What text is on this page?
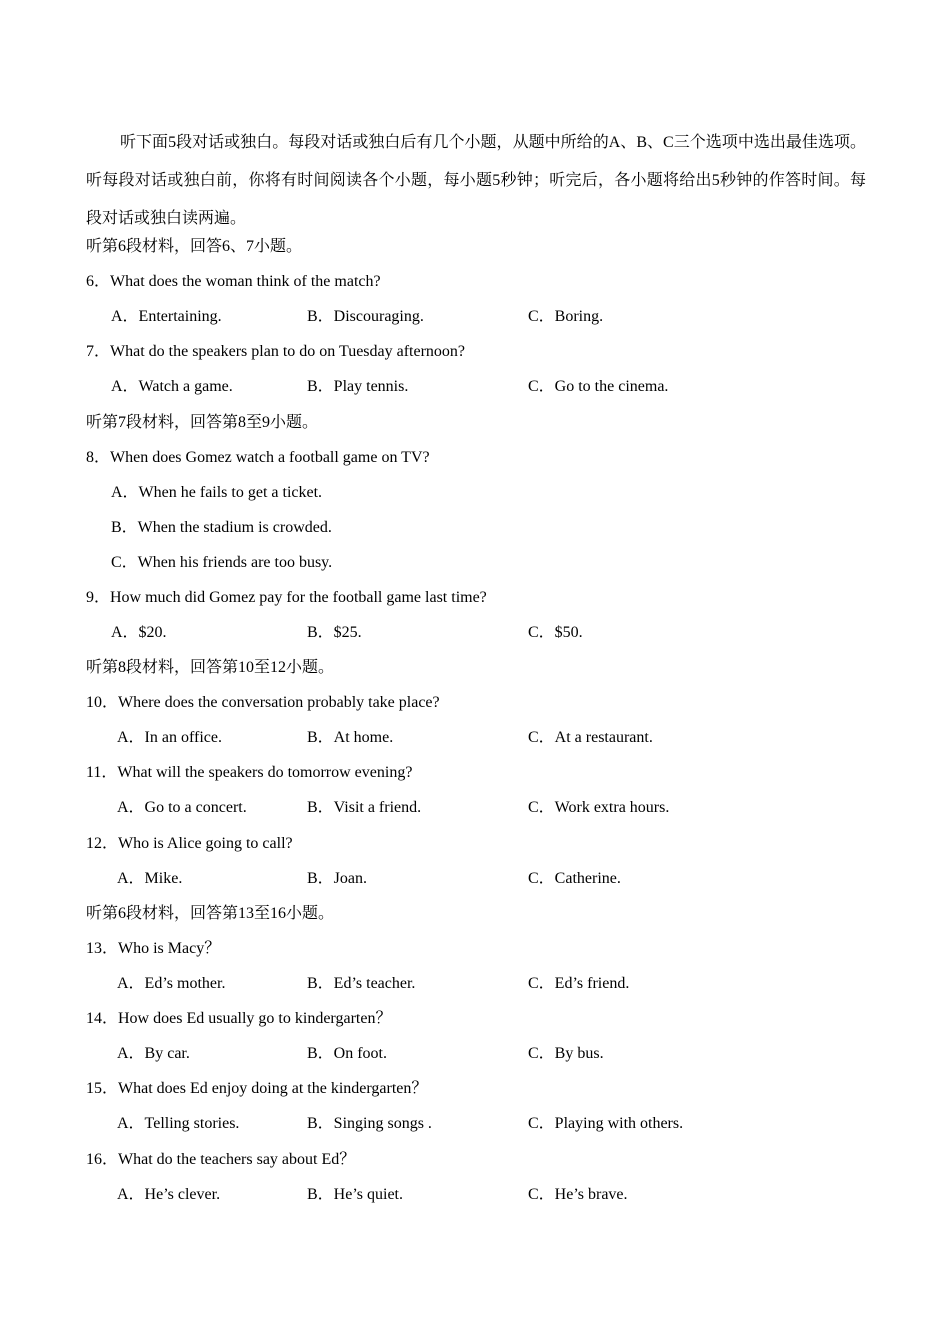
听下面5段对话或独白。每段对话或独白后有几个小题，从题中所给的A、B、C三个选项中选出最佳选项。听每段对话或独白前，你将有时间阅读各个小题，每小题5秒钟；听完后，各小题将给出5秒钟的作答时间。每段对话或独白读两遍。
听第6段材料，回答6、7小题。
6．What does the woman think of the match?
A．Entertaining.	B．Discouraging.	C．Boring.
7．What do the speakers plan to do on Tuesday afternoon?
A．Watch a game.	B．Play tennis.	C．Go to the cinema.
听第7段材料，回答第8至9小题。
8．When does Gomez watch a football game on TV?
A．When he fails to get a ticket.
B．When the stadium is crowded.
C．When his friends are too busy.
9．How much did Gomez pay for the football game last time?
A．$20.	B．$25.	C．$50.
听第8段材料，回答第10至12小题。
10．Where does the conversation probably take place?
A．In an office.	B．At home.	C．At a restaurant.
11．What will the speakers do tomorrow evening?
A．Go to a concert.	B．Visit a friend.	C．Work extra hours.
12．Who is Alice going to call?
A．Mike.	B．Joan.	C．Catherine.
听第6段材料，回答第13至16小题。
13．Who is Macy？
A．Ed’s mother.	B．Ed’s teacher.	C．Ed’s friend.
14．How does Ed usually go to kindergarten？
A．By car.	B．On foot.	C．By bus.
15．What does Ed enjoy doing at the kindergarten？
A．Telling stories.	B．Singing songs .	C．Playing with others.
16．What do the teachers say about Ed？
A．He’s clever.	B．He’s quiet.	C．He’s brave.
